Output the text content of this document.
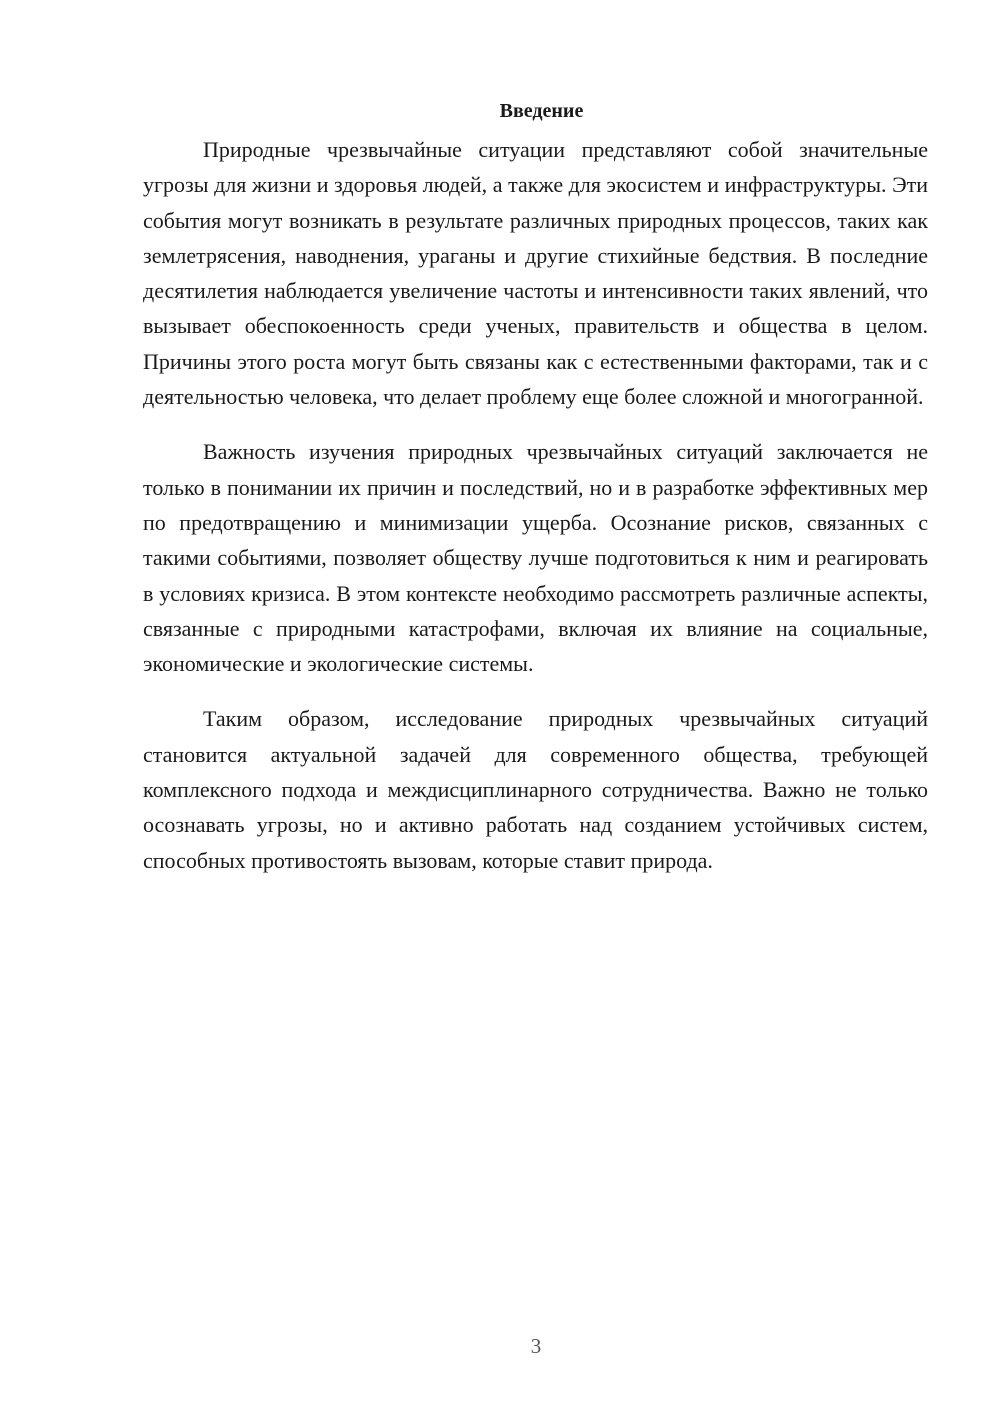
Введение

Природные чрезвычайные ситуации представляют собой значительные угрозы для жизни и здоровья людей, а также для экосистем и инфраструктуры. Эти события могут возникать в результате различных природных процессов, таких как землетрясения, наводнения, ураганы и другие стихийные бедствия. В последние десятилетия наблюдается увеличение частоты и интенсивности таких явлений, что вызывает обеспокоенность среди ученых, правительств и общества в целом. Причины этого роста могут быть связаны как с естественными факторами, так и с деятельностью человека, что делает проблему еще более сложной и многогранной.

Важность изучения природных чрезвычайных ситуаций заключается не только в понимании их причин и последствий, но и в разработке эффективных мер по предотвращению и минимизации ущерба. Осознание рисков, связанных с такими событиями, позволяет обществу лучше подготовиться к ним и реагировать в условиях кризиса. В этом контексте необходимо рассмотреть различные аспекты, связанные с природными катастрофами, включая их влияние на социальные, экономические и экологические системы.

Таким образом, исследование природных чрезвычайных ситуаций становится актуальной задачей для современного общества, требующей комплексного подхода и междисциплинарного сотрудничества. Важно не только осознавать угрозы, но и активно работать над созданием устойчивых систем, способных противостоять вызовам, которые ставит природа.

3
